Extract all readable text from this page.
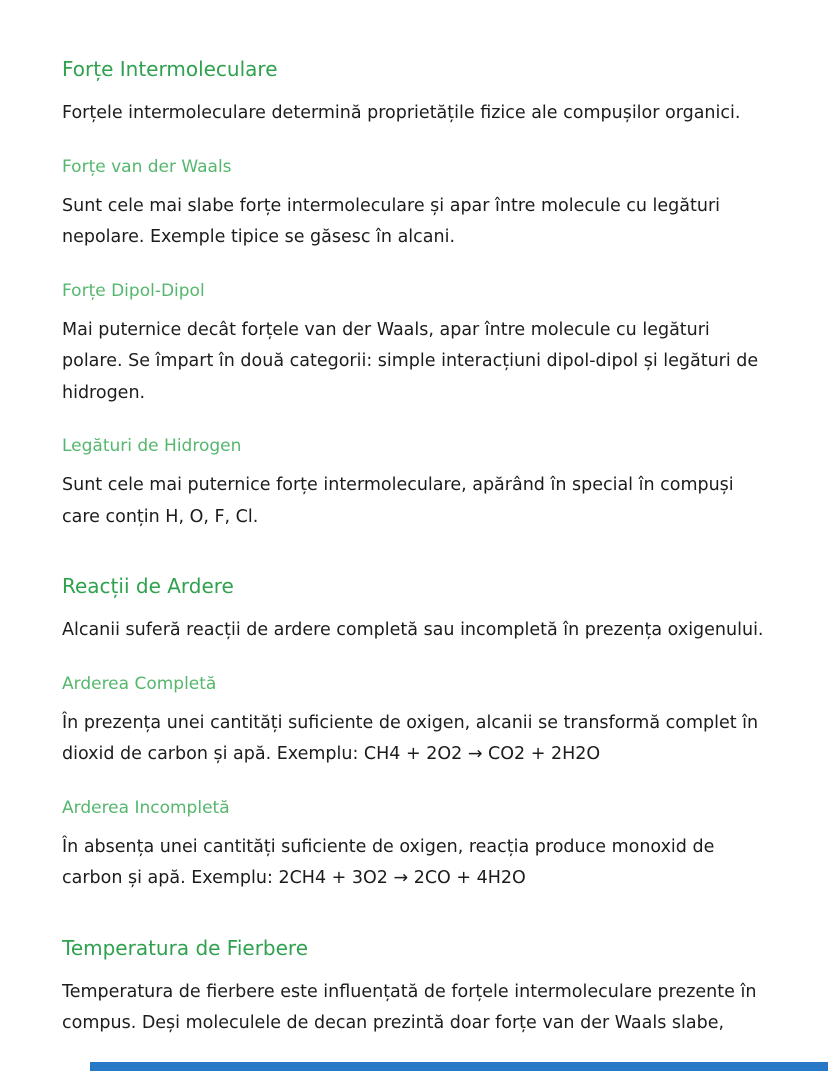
Forțe Intermoleculare

Forțele intermoleculare determină proprietățile fizice ale compușilor organici.

Forțe van der Waals

Sunt cele mai slabe forțe intermoleculare și apar între molecule cu legături nepolare. Exemple tipice se găsesc în alcani.

Forțe Dipol-Dipol

Mai puternice decât forțele van der Waals, apar între molecule cu legături polare. Se împart în două categorii: simple interacțiuni dipol-dipol și legături de hidrogen.

Legături de Hidrogen

Sunt cele mai puternice forțe intermoleculare, apărând în special în compuși care conțin H, O, F, Cl.

Reacții de Ardere

Alcanii suferă reacții de ardere completă sau incompletă în prezența oxigenului.

Arderea Completă

În prezența unei cantități suficiente de oxigen, alcanii se transformă complet în dioxid de carbon și apă. Exemplu: CH4 + 2O2 → CO2 + 2H2O

Arderea Incompletă

În absența unei cantități suficiente de oxigen, reacția produce monoxid de carbon și apă. Exemplu: 2CH4 + 3O2 → 2CO + 4H2O

Temperatura de Fierbere

Temperatura de fierbere este influențată de forțele intermoleculare prezente în compus. Deși moleculele de decan prezintă doar forțe van der Waals slabe,
